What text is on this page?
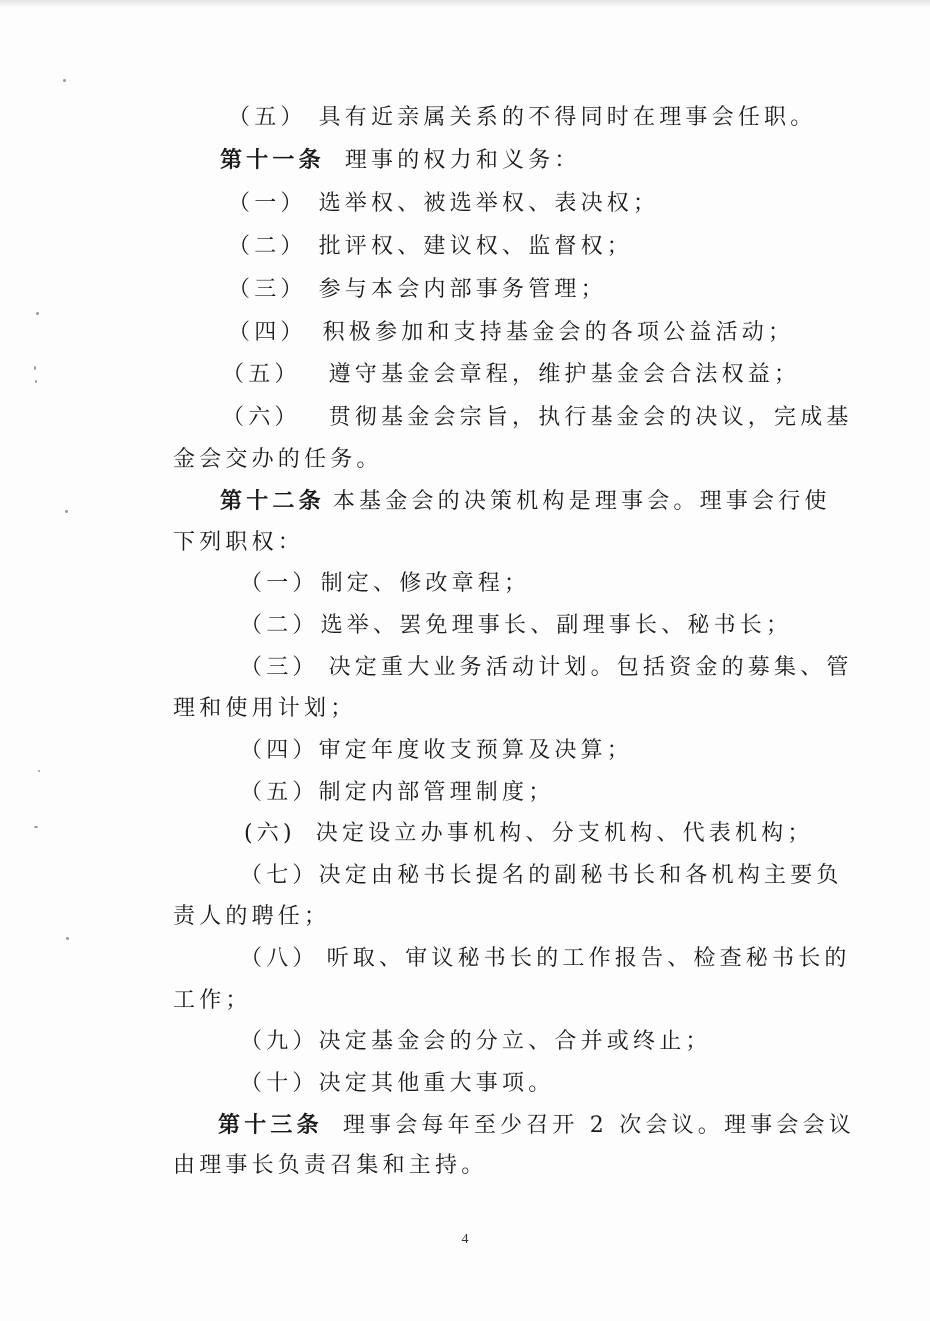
（五） 具有近亲属关系的不得同时在理事会任职。
第十一条 理事的权力和义务：
（一） 选举权、被选举权、表决权；
（二） 批评权、建议权、监督权；
（三） 参与本会内部事务管理；
（四） 积极参加和支持基金会的各项公益活动；
（五） 遵守基金会章程，维护基金会合法权益；
（六） 贯彻基金会宗旨，执行基金会的决议，完成基
金会交办的任务。
第十二条 本基金会的决策机构是理事会。理事会行使
下列职权：
（一）制定、修改章程；
（二）选举、罢免理事长、副理事长、秘书长；
（三） 决定重大业务活动计划。包括资金的募集、管
理和使用计划；
（四）审定年度收支预算及决算；
（五）制定内部管理制度；
(六) 决定设立办事机构、分支机构、代表机构；
（七）决定由秘书长提名的副秘书长和各机构主要负
责人的聘任；
（八） 听取、审议秘书长的工作报告、检查秘书长的
工作；
（九）决定基金会的分立、合并或终止；
（十）决定其他重大事项。
第十三条 理事会每年至少召开 2 次会议。理事会会议
由理事长负责召集和主持。
4
